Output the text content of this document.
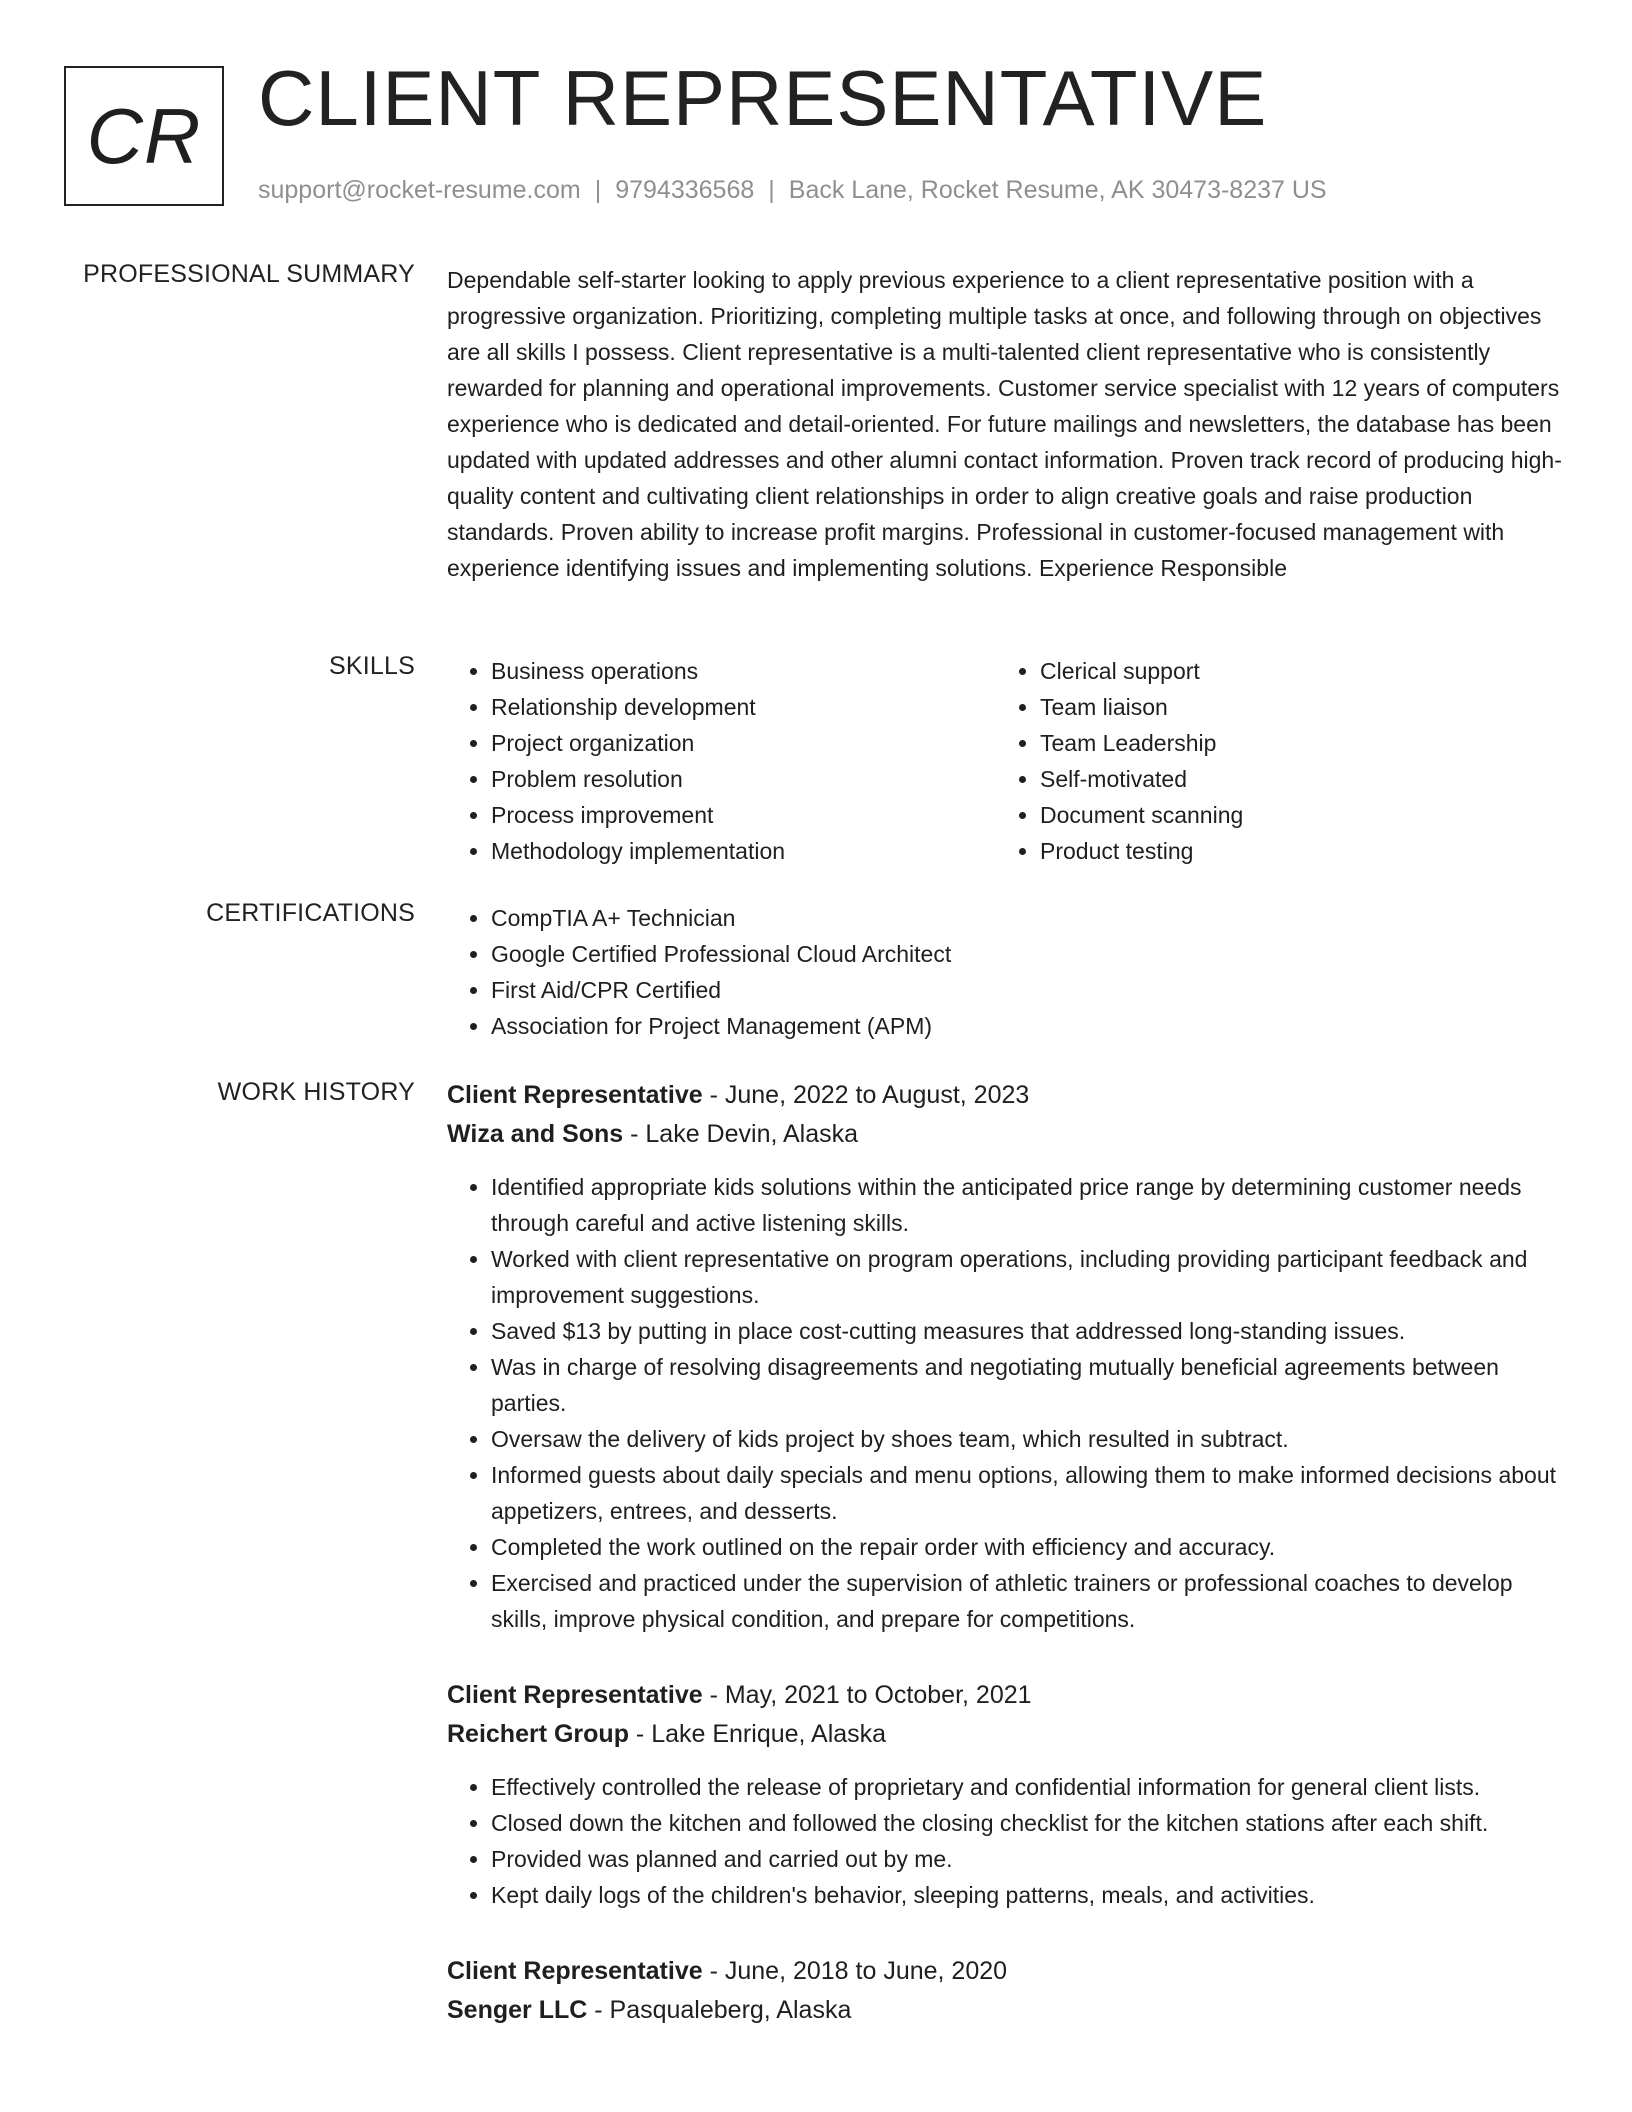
CR CLIENT REPRESENTATIVE
support@rocket-resume.com | 9794336568 | Back Lane, Rocket Resume, AK 30473-8237 US
PROFESSIONAL SUMMARY Dependable self-starter looking to apply previous experience to a client representative position with a progressive organization. Prioritizing, completing multiple tasks at once, and following through on objectives are all skills I possess. Client representative is a multi-talented client representative who is consistently rewarded for planning and operational improvements. Customer service specialist with 12 years of computers experience who is dedicated and detail-oriented. For future mailings and newsletters, the database has been updated with updated addresses and other alumni contact information. Proven track record of producing high-quality content and cultivating client relationships in order to align creative goals and raise production standards. Proven ability to increase profit margins. Professional in customer-focused management with experience identifying issues and implementing solutions. Experience Responsible

SKILLS	• Business operations
• Relationship development
• Project organization
• Problem resolution
• Process improvement
• Methodology implementation
• Clerical support
• Team liaison
• Team Leadership
• Self-motivated
• Document scanning
• Product testing
CERTIFICATIONS	• CompTIA A+ Technician
• Google Certified Professional Cloud Architect
• First Aid/CPR Certified
• Association for Project Management (APM)
WORK HISTORY Client Representative - June, 2022 to August, 2023
Wiza and Sons - Lake Devin, Alaska
• Identified appropriate kids solutions within the anticipated price range by determining customer needs through careful and active listening skills.
• Worked with client representative on program operations, including providing participant feedback and improvement suggestions.
• Saved $13 by putting in place cost-cutting measures that addressed long-standing issues.
• Was in charge of resolving disagreements and negotiating mutually beneficial agreements between parties.
• Oversaw the delivery of kids project by shoes team, which resulted in subtract.
• Informed guests about daily specials and menu options, allowing them to make informed decisions about appetizers, entrees, and desserts.
• Completed the work outlined on the repair order with efficiency and accuracy.
• Exercised and practiced under the supervision of athletic trainers or professional coaches to develop skills, improve physical condition, and prepare for competitions.
Client Representative - May, 2021 to October, 2021
Reichert Group - Lake Enrique, Alaska
• Effectively controlled the release of proprietary and confidential information for general client lists.
• Closed down the kitchen and followed the closing checklist for the kitchen stations after each shift.
• Provided was planned and carried out by me.
• Kept daily logs of the children's behavior, sleeping patterns, meals, and activities.
Client Representative - June, 2018 to June, 2020
Senger LLC - Pasqualeberg, Alaska
